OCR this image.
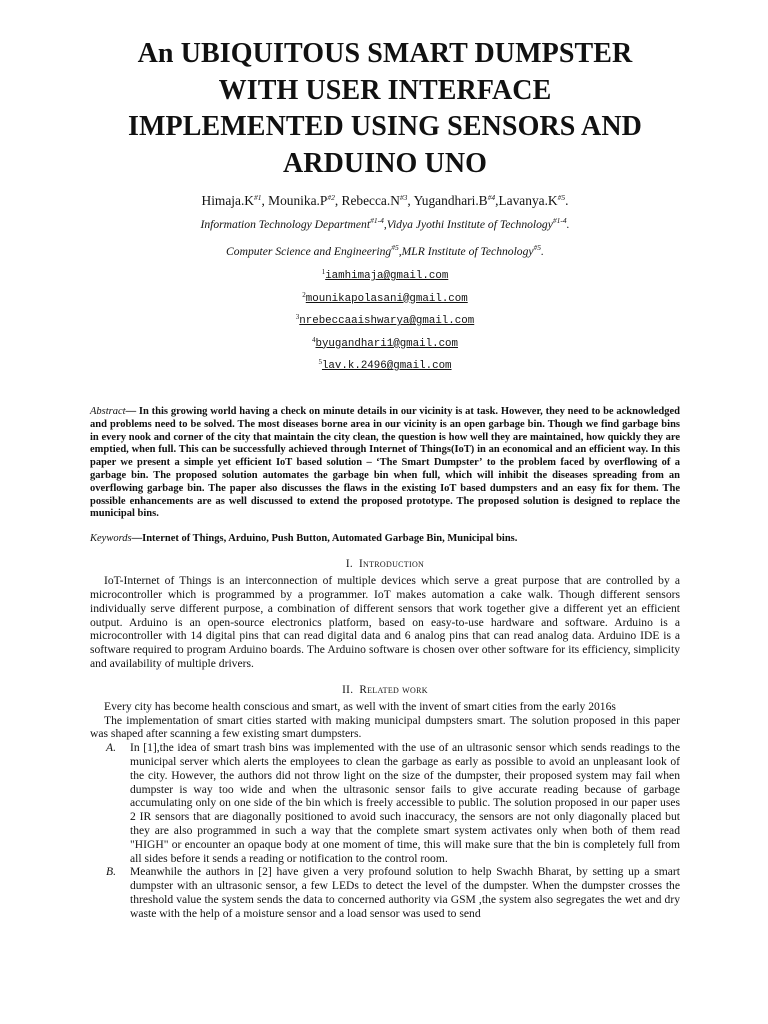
An UBIQUITOUS SMART DUMPSTER
WITH USER INTERFACE
IMPLEMENTED USING SENSORS AND
ARDUINO UNO
$Himaja.K^{\#1}$, $Mounika.P^{\#2}$, $Rebecca.N^{\#3}$, $Yugandhari.B^{\#4},Lavanya.K^{\#5}$.
Information Technology Department$^{\#1-4}$,Vidya Jyothi Institute of Technology$^{\#1-4}$.
Computer Science and Engineering$^{\#5}$,MLR Institute of Technology$^{\#5}$.
$^1$iamhimaja@gmail.com
$^2$mounikapolasani@gmail.com
$^3$nrebeccaaishwarya@gmail.com
$^4$byugandhari1@gmail.com
$^5$lav.k.2496@gmail.com
Abstract— In this growing world having a check on minute details in our vicinity is at task. However, they need to be acknowledged and problems need to be solved. The most diseases borne area in our vicinity is an open garbage bin. Though we find garbage bins in every nook and corner of the city that maintain the city clean, the question is how well they are maintained, how quickly they are emptied, when full. This can be successfully achieved through Internet of Things(IoT) in an economical and an efficient way. In this paper we present a simple yet efficient IoT based solution – ‘The Smart Dumpster’ to the problem faced by overflowing of a garbage bin. The proposed solution automates the garbage bin when full, which will inhibit the diseases spreading from an overflowing garbage bin. The paper also discusses the flaws in the existing IoT based dumpsters and an easy fix for them. The possible enhancements are as well discussed to extend the proposed prototype. The proposed solution is designed to replace the municipal bins.
Keywords—Internet of Things, Arduino, Push Button, Automated Garbage Bin, Municipal bins.
I. Introduction

IoT-Internet of Things is an interconnection of multiple devices which serve a great purpose that are controlled by a microcontroller which is programmed by a programmer. IoT makes automation a cake walk. Though different sensors individually serve different purpose, a combination of different sensors that work together give a different yet an efficient output. Arduino is an open-source electronics platform, based on easy-to-use hardware and software. Arduino is a microcontroller with 14 digital pins that can read digital data and 6 analog pins that can read analog data. Arduino IDE is a software required to program Arduino boards. The Arduino software is chosen over other software for its efficiency, simplicity and availability of multiple drivers.

II. Related work

Every city has become health conscious and smart, as well with the invent of smart cities from the early 2016s

The implementation of smart cities started with making municipal dumpsters smart. The solution proposed in this paper was shaped after scanning a few existing smart dumpsters.

A.	In [1],the idea of smart trash bins was implemented with the use of an ultrasonic sensor which sends readings to the municipal server which alerts the employees to clean the garbage as early as possible to avoid an unpleasant look of the city. However, the authors did not throw light on the size of the dumpster, their proposed system may fail when dumpster is way too wide and when the ultrasonic sensor fails to give accurate reading because of garbage accumulating only on one side of the bin which is freely accessible to public. The solution proposed in our paper uses 2 IR sensors that are diagonally positioned to avoid such inaccuracy, the sensors are not only diagonally placed but they are also programmed in such a way that the complete smart system activates only when both of them read "HIGH" or encounter an opaque body at one moment of time, this will make sure that the bin is completely full from all sides before it sends a reading or notification to the control room.
B.	Meanwhile the authors in [2] have given a very profound solution to help Swachh Bharat, by setting up a smart dumpster with an ultrasonic sensor, a few LEDs to detect the level of the dumpster. When the dumpster crosses the threshold value the system sends the data to concerned authority via GSM ,the system also segregates the wet and dry waste with the help of a moisture sensor and a load sensor was used to send
